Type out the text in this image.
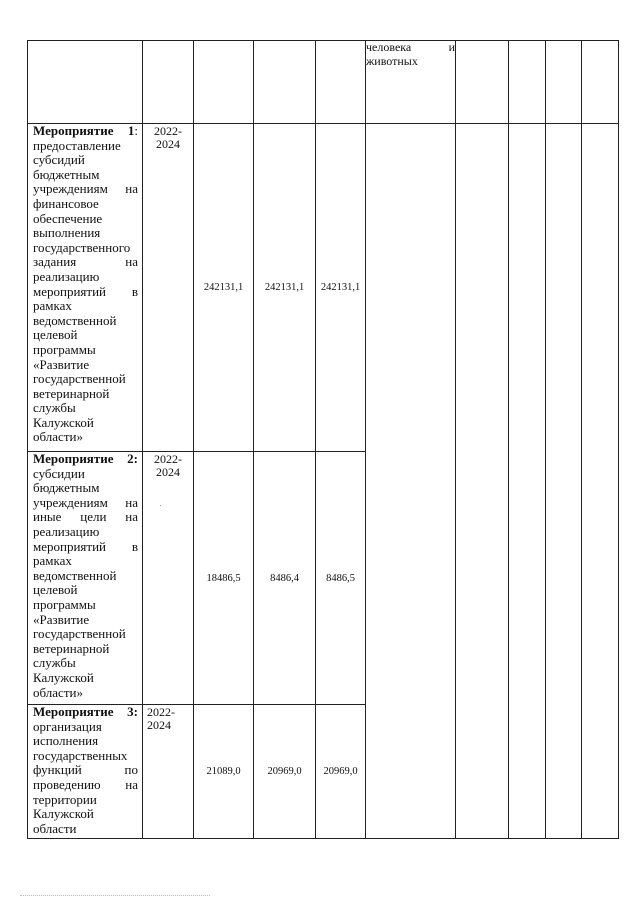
					человека и
животных				

Мероприятие 1: предоставление субсидий бюджетным учреждениям на финансовое обеспечение выполнения государственного задания на реализацию мероприятий в рамках ведомственной целевой программы «Развитие государственной ветеринарной службы Калужской области»	2022-2024	242131,1	242131,1	242131,1					

Мероприятие 2: субсидии бюджетным учреждениям на иные цели на реализацию мероприятий в рамках ведомственной целевой программы «Развитие государственной ветеринарной службы Калужской области»	2022-2024	18486,5	8486,4	8486,5					

Мероприятие 3: организация исполнения государственных функций по проведению на территории Калужской области	2022-2024	21089,0	20969,0	20969,0					
